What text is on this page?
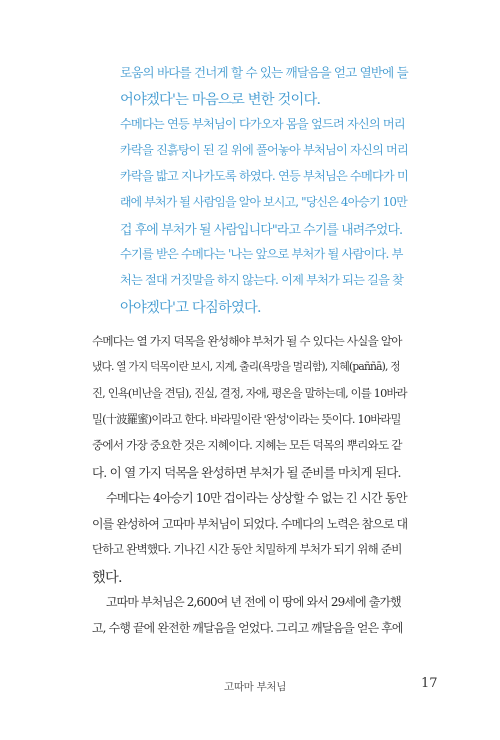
로움의 바다를 건너게 할 수 있는 깨달음을 얻고 열반에 들
어야겠다'는 마음으로 변한 것이다.
수메다는 연등 부처님이 다가오자 몸을 엎드려 자신의 머리
카락을 진흙탕이 된 길 위에 풀어놓아 부처님이 자신의 머리
카락을 밟고 지나가도록 하였다. 연등 부처님은 수메다가 미
래에 부처가 될 사람임을 알아 보시고, "당신은 4아승기 10만
겁 후에 부처가 될 사람입니다"라고 수기를 내려주었다.
수기를 받은 수메다는 '나는 앞으로 부처가 될 사람이다. 부
처는 절대 거짓말을 하지 않는다. 이제 부처가 되는 길을 찾
아야겠다'고 다짐하였다.
수메다는 열 가지 덕목을 완성해야 부처가 될 수 있다는 사실을 알아
냈다. 열 가지 덕목이란 보시, 지계, 출리(욕망을 멀리함), 지혜(paññā), 정
진, 인욕(비난을 견딤), 진실, 결정, 자애, 평온을 말하는데, 이를 10바라
밀(十波羅蜜)이라고 한다. 바라밀이란 '완성'이라는 뜻이다. 10바라밀
중에서 가장 중요한 것은 지혜이다. 지혜는 모든 덕목의 뿌리와도 같
다. 이 열 가지 덕목을 완성하면 부처가 될 준비를 마치게 된다.
수메다는 4아승기 10만 겁이라는 상상할 수 없는 긴 시간 동안
이를 완성하여 고따마 부처님이 되었다. 수메다의 노력은 참으로 대
단하고 완벽했다. 기나긴 시간 동안 치밀하게 부처가 되기 위해 준비
했다.
고따마 부처님은 2,600여 년 전에 이 땅에 와서 29세에 출가했
고, 수행 끝에 완전한 깨달음을 얻었다. 그리고 깨달음을 얻은 후에
고따마 부처님	17
